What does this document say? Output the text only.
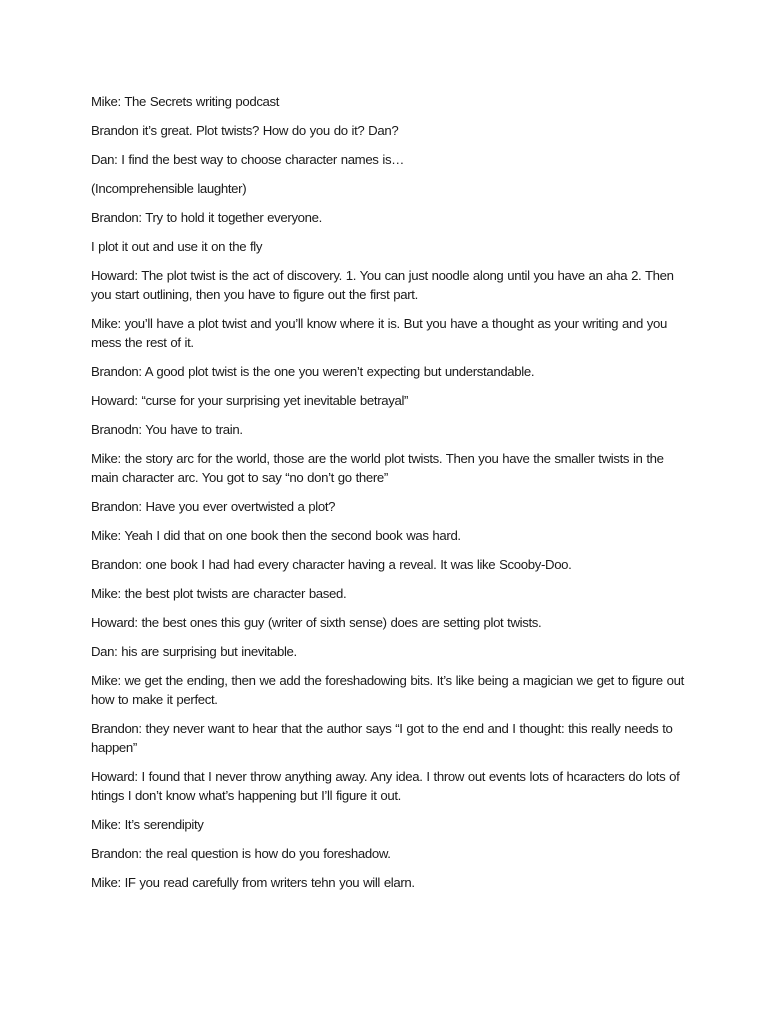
Mike: The Secrets writing podcast

Brandon it’s great. Plot twists? How do you do it? Dan?

Dan: I find the best way to choose character names is…

(Incomprehensible laughter)

Brandon: Try to hold it together everyone.

I plot it out and use it on the fly

Howard: The plot twist is the act of discovery. 1. You can just noodle along until you have an aha 2. Then you start outlining, then you have to figure out the first part.

Mike: you’ll have a plot twist and you’ll know where it is. But you have a thought as your writing and you mess the rest of it.

Brandon: A good plot twist is the one you weren’t expecting but understandable.

Howard: “curse for your surprising yet inevitable betrayal”

Branodn: You have to train.

Mike: the story arc for the world, those are the world plot twists. Then you have the smaller twists in the main character arc. You got to say “no don’t go there”

Brandon: Have you ever overtwisted a plot?

Mike: Yeah I did that on one book then the second book was hard.

Brandon: one book I had had every character having a reveal. It was like Scooby-Doo.

Mike: the best plot twists are character based.

Howard: the best ones this guy (writer of sixth sense) does are setting plot twists.

Dan: his are surprising but inevitable.

Mike: we get the ending, then we add the foreshadowing bits. It’s like being a magician we get to figure out how to make it perfect.

Brandon: they never want to hear that the author says “I got to the end and I thought: this really needs to happen”

Howard: I found that I never throw anything away. Any idea. I throw out events lots of hcaracters do lots of htings I don’t know what’s happening but I’ll figure it out.

Mike: It’s serendipity

Brandon: the real question is how do you foreshadow.

Mike: IF you read carefully from writers tehn you will elarn.
